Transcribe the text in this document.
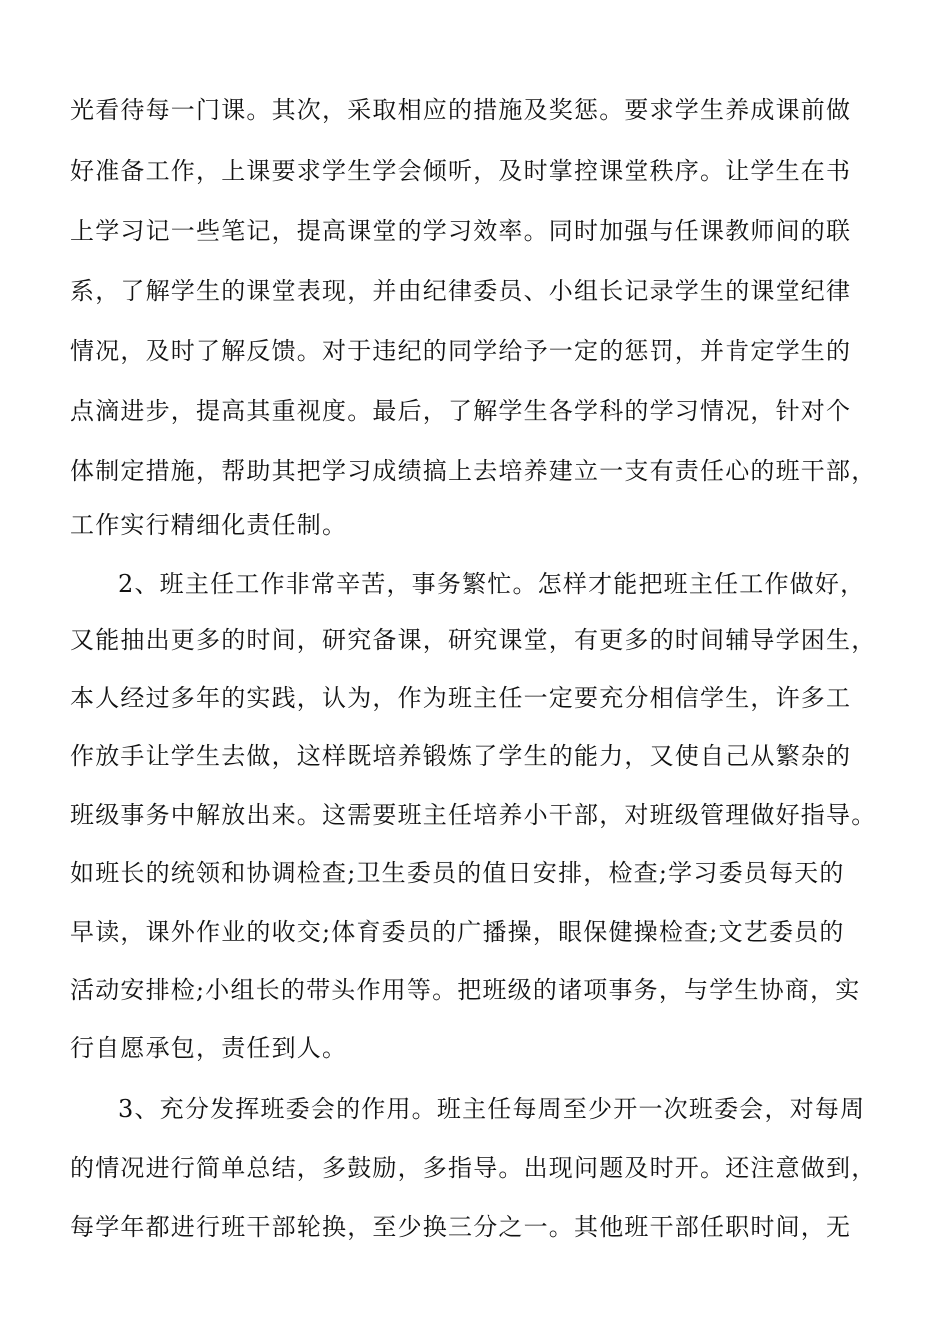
光看待每一门课。其次，采取相应的措施及奖惩。要求学生养成课前做
好准备工作，上课要求学生学会倾听，及时掌控课堂秩序。让学生在书
上学习记一些笔记，提高课堂的学习效率。同时加强与任课教师间的联
系，了解学生的课堂表现，并由纪律委员、小组长记录学生的课堂纪律
情况，及时了解反馈。对于违纪的同学给予一定的惩罚，并肯定学生的
点滴进步，提高其重视度。最后，了解学生各学科的学习情况，针对个
体制定措施，帮助其把学习成绩搞上去培养建立一支有责任心的班干部，
工作实行精细化责任制。
2、班主任工作非常辛苦，事务繁忙。怎样才能把班主任工作做好，
又能抽出更多的时间，研究备课，研究课堂，有更多的时间辅导学困生，
本人经过多年的实践，认为，作为班主任一定要充分相信学生，许多工
作放手让学生去做，这样既培养锻炼了学生的能力，又使自己从繁杂的
班级事务中解放出来。这需要班主任培养小干部，对班级管理做好指导。
如班长的统领和协调检查;卫生委员的值日安排，检查;学习委员每天的
早读，课外作业的收交;体育委员的广播操，眼保健操检查;文艺委员的
活动安排检;小组长的带头作用等。把班级的诸项事务，与学生协商，实
行自愿承包，责任到人。
3、充分发挥班委会的作用。班主任每周至少开一次班委会，对每周
的情况进行简单总结，多鼓励，多指导。出现问题及时开。还注意做到，
每学年都进行班干部轮换，至少换三分之一。其他班干部任职时间，无
